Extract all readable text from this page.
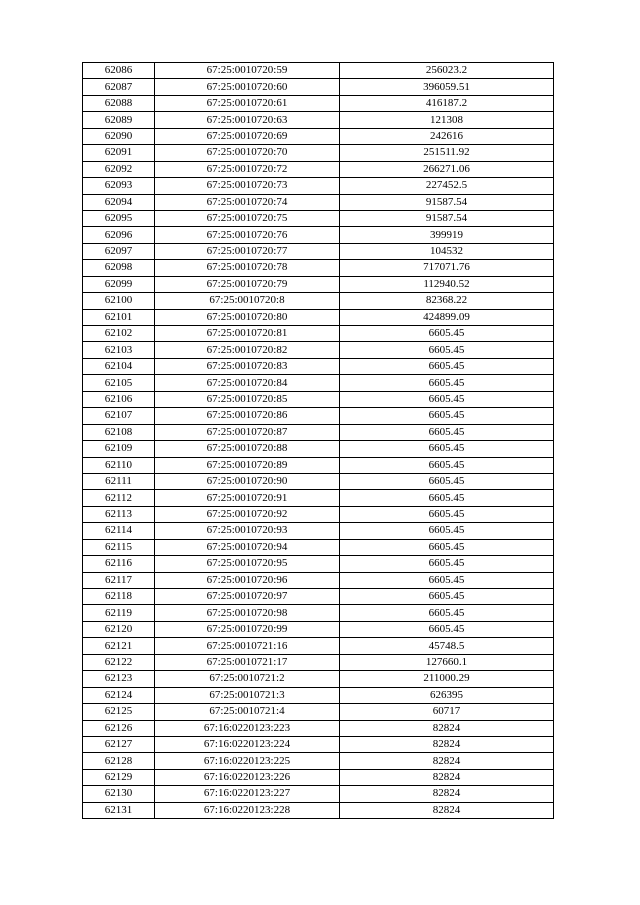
62086	67:25:0010720:59	256023.2
62087	67:25:0010720:60	396059.51
62088	67:25:0010720:61	416187.2
62089	67:25:0010720:63	121308
62090	67:25:0010720:69	242616
62091	67:25:0010720:70	251511.92
62092	67:25:0010720:72	266271.06
62093	67:25:0010720:73	227452.5
62094	67:25:0010720:74	91587.54
62095	67:25:0010720:75	91587.54
62096	67:25:0010720:76	399919
62097	67:25:0010720:77	104532
62098	67:25:0010720:78	717071.76
62099	67:25:0010720:79	112940.52
62100	67:25:0010720:8	82368.22
62101	67:25:0010720:80	424899.09
62102	67:25:0010720:81	6605.45
62103	67:25:0010720:82	6605.45
62104	67:25:0010720:83	6605.45
62105	67:25:0010720:84	6605.45
62106	67:25:0010720:85	6605.45
62107	67:25:0010720:86	6605.45
62108	67:25:0010720:87	6605.45
62109	67:25:0010720:88	6605.45
62110	67:25:0010720:89	6605.45
62111	67:25:0010720:90	6605.45
62112	67:25:0010720:91	6605.45
62113	67:25:0010720:92	6605.45
62114	67:25:0010720:93	6605.45
62115	67:25:0010720:94	6605.45
62116	67:25:0010720:95	6605.45
62117	67:25:0010720:96	6605.45
62118	67:25:0010720:97	6605.45
62119	67:25:0010720:98	6605.45
62120	67:25:0010720:99	6605.45
62121	67:25:0010721:16	45748.5
62122	67:25:0010721:17	127660.1
62123	67:25:0010721:2	211000.29
62124	67:25:0010721:3	626395
62125	67:25:0010721:4	60717
62126	67:16:0220123:223	82824
62127	67:16:0220123:224	82824
62128	67:16:0220123:225	82824
62129	67:16:0220123:226	82824
62130	67:16:0220123:227	82824
62131	67:16:0220123:228	82824
